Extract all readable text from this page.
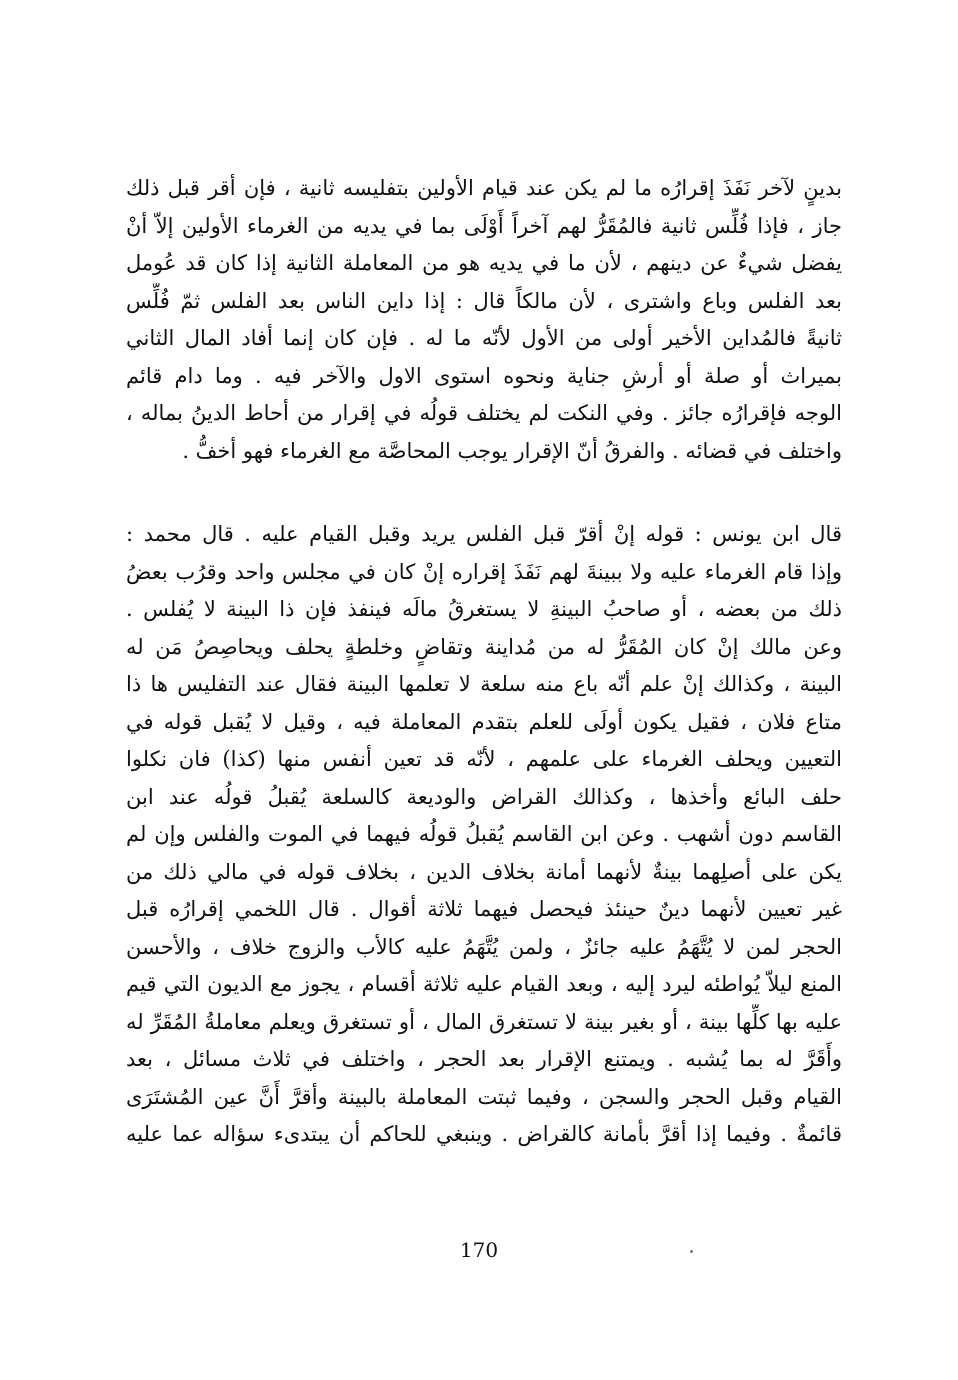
بدينٍ لآخر نَفَذَ إقرارُه ما لم يكن عند قيام الأولين بتفليسه ثانية ، فإن أقر قبل ذلك
جاز ، فإذا فُلِّس ثانية فالمُقَرُّ لهم آخراً أَوْلَى بما في يديه من الغرماء الأولين إلاّ أنْ
يفضل شيءٌ عن دينهم ، لأن ما في يديه هو من المعاملة الثانية إذا كان قد عُومل
بعد الفلس وباع واشترى ، لأن مالكاً قال : إذا داين الناس بعد الفلس ثمّ فُلِّس
ثانيةً فالمُداين الأخير أولى من الأول لأنّه ما له . فإن كان إنما أفاد المال الثاني
بميراث أو صلة أو أرشِ جناية ونحوه استوى الاول والآخر فيه . وما دام قائم
الوجه فإقرارُه جائز . وفي النكت لم يختلف قولُه في إقرار من أحاط الدينُ بماله ،
واختلف في قضائه . والفرقُ أنّ الإقرار يوجب المحاصَّة مع الغرماء فهو أخفُّ .
قال ابن يونس : قوله إنْ أقرّ قبل الفلس يريد وقبل القيام عليه . قال محمد :
وإذا قام الغرماء عليه ولا ببينةَ لهم نَفَذَ إقراره إنْ كان في مجلس واحد وقرُب بعضُ
ذلك من بعضه ، أو صاحبُ البينةِ لا يستغرقُ مالَه فينفذ فإن ذا البينة لا يُفلس .
وعن مالك إنْ كان المُقَرُّ له من مُداينة وتقاضٍ وخلطةٍ يحلف ويحاصِصُ مَن له
البينة ، وكذالك إنْ علم أنّه باع منه سلعة لا تعلمها البينة فقال عند التفليس ها ذا
متاع فلان ، فقيل يكون أولَى للعلم بتقدم المعاملة فيه ، وقيل لا يُقبل قوله في
التعيين ويحلف الغرماء على علمهم ، لأنّه قد تعين أنفس منها (كذا) فان نكلوا
حلف البائع وأخذها ، وكذالك القراض والوديعة كالسلعة يُقبلُ قولُه عند ابن
القاسم دون أشهب . وعن ابن القاسم يُقبلُ قولُه فيهما في الموت والفلس وإن لم
يكن على أصلِهما بينةٌ لأنهما أمانة بخلاف الدين ، بخلاف قوله في مالي ذلك من
غير تعيين لأنهما دينٌ حينئذ فيحصل فيهما ثلاثة أقوال . قال اللخمي إقرارُه قبل
الحجر لمن لا يُتَّهَمُ عليه جائزٌ ، ولمن يُتَّهَمُ عليه كالأب والزوج خلاف ، والأحسن
المنع ليلاّ يُواطئه ليرد إليه ، وبعد القيام عليه ثلاثة أقسام ، يجوز مع الديون التي قيم
عليه بها كلِّها بينة ، أو بغير بينة لا تستغرق المال ، أو تستغرق ويعلم معاملةُ المُقَرِّ له
وأَقَرَّ له بما يُشبه . ويمتنع الإقرار بعد الحجر ، واختلف في ثلاث مسائل ، بعد
القيام وقبل الحجر والسجن ، وفيما ثبتت المعاملة بالبينة وأقرَّ أَنَّ عين المُشتَرَى
قائمةٌ . وفيما إذا أقرَّ بأمانة كالقراض . وينبغي للحاكم أن يبتدىء سؤاله عما عليه
170
